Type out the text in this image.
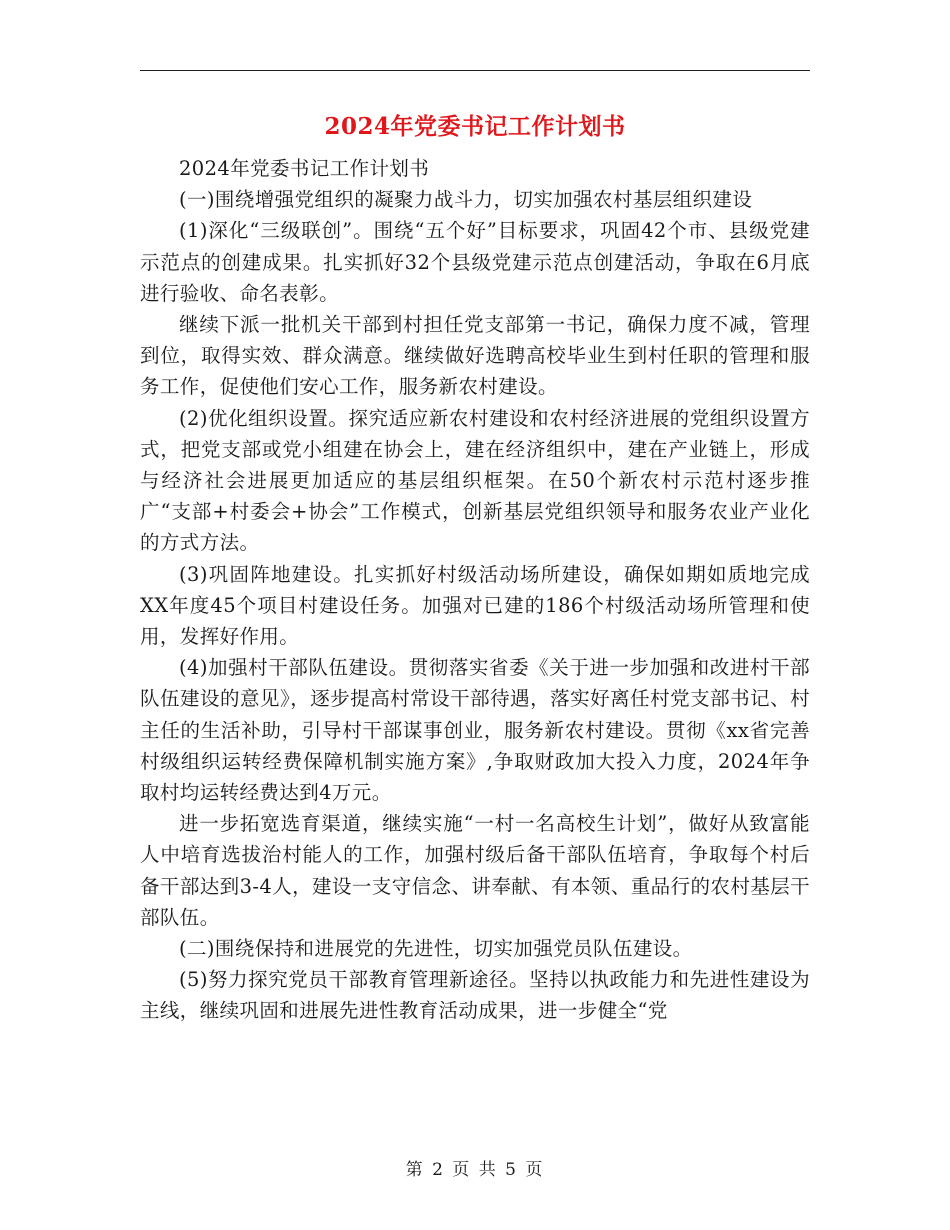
2024年党委书记工作计划书

2024年党委书记工作计划书

(一)围绕增强党组织的凝聚力战斗力，切实加强农村基层组织建设

(1)深化“三级联创”。围绕“五个好”目标要求，巩固42个市、县级党建示范点的创建成果。扎实抓好32个县级党建示范点创建活动，争取在6月底进行验收、命名表彰。

继续下派一批机关干部到村担任党支部第一书记，确保力度不减，管理到位，取得实效、群众满意。继续做好选聘高校毕业生到村任职的管理和服务工作，促使他们安心工作，服务新农村建设。

(2)优化组织设置。探究适应新农村建设和农村经济进展的党组织设置方式，把党支部或党小组建在协会上，建在经济组织中，建在产业链上，形成与经济社会进展更加适应的基层组织框架。在50个新农村示范村逐步推广“支部+村委会+协会”工作模式，创新基层党组织领导和服务农业产业化的方式方法。

(3)巩固阵地建设。扎实抓好村级活动场所建设，确保如期如质地完成XX年度45个项目村建设任务。加强对已建的186个村级活动场所管理和使用，发挥好作用。

(4)加强村干部队伍建设。贯彻落实省委《关于进一步加强和改进村干部队伍建设的意见》，逐步提高村常设干部待遇，落实好离任村党支部书记、村主任的生活补助，引导村干部谋事创业，服务新农村建设。贯彻《xx省完善村级组织运转经费保障机制实施方案》,争取财政加大投入力度，2024年争取村均运转经费达到4万元。

进一步拓宽选育渠道，继续实施“一村一名高校生计划”，做好从致富能人中培育选拔治村能人的工作，加强村级后备干部队伍培育，争取每个村后备干部达到3-4人，建设一支守信念、讲奉献、有本领、重品行的农村基层干部队伍。

(二)围绕保持和进展党的先进性，切实加强党员队伍建设。

(5)努力探究党员干部教育管理新途径。坚持以执政能力和先进性建设为主线，继续巩固和进展先进性教育活动成果，进一步健全“党

第 2 页 共 5 页
